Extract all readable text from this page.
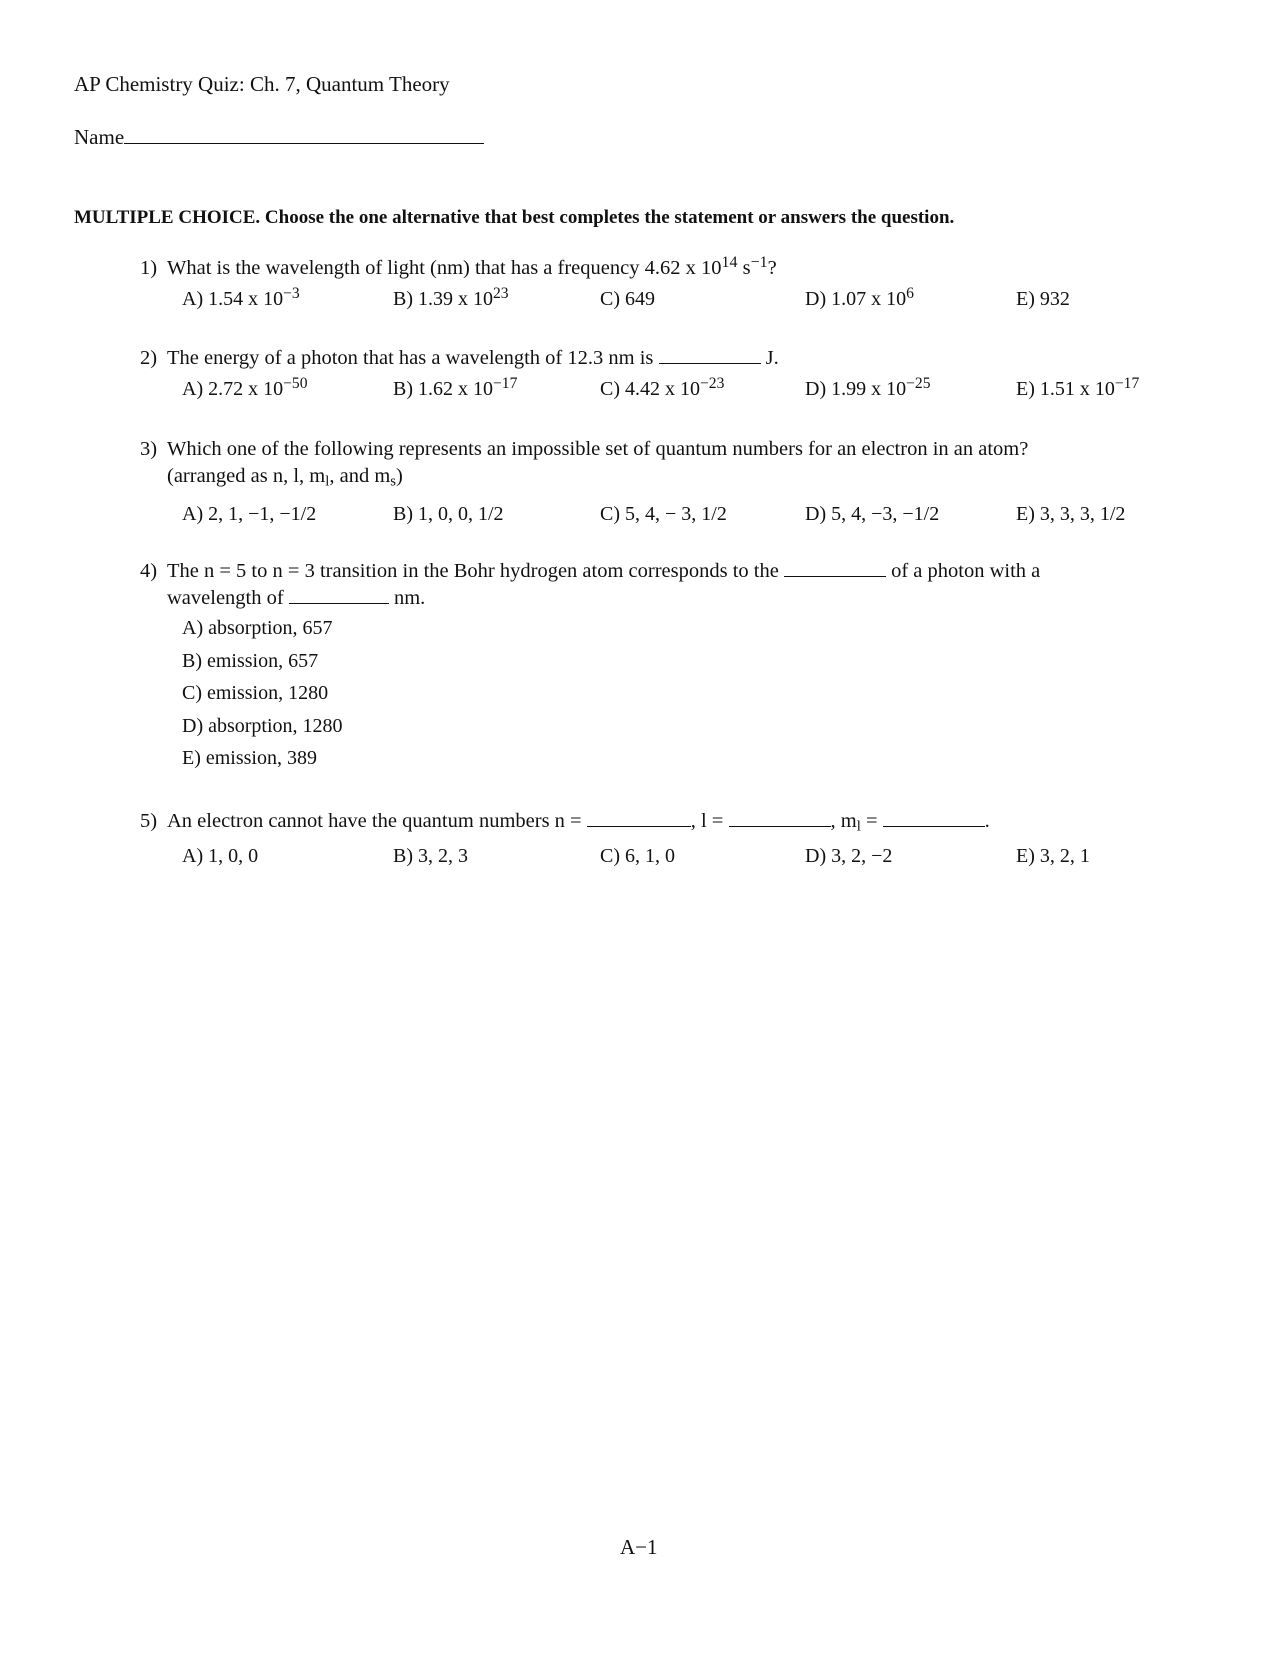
AP Chemistry Quiz: Ch. 7, Quantum Theory
Name
MULTIPLE CHOICE. Choose the one alternative that best completes the statement or answers the question.
1) What is the wavelength of light (nm) that has a frequency 4.62 x $10^{14}$ $s^{-1}$?
A) 1.54 x $10^{-3}$	B) 1.39 x $10^{23}$	C) 649	D) 1.07 x $10^6$	E) 932
2) The energy of a photon that has a wavelength of 12.3 nm is	J.
A) 2.72 x $10^{-50}$	B) 1.62 x $10^{-17}$	C) 4.42 x $10^{-23}$	D) 1.99 x $10^{-25}$	E) 1.51 x $10^{-17}$
3) Which one of the following represents an impossible set of quantum numbers for an electron in an atom?
(arranged as n, l, $m_l$, and $m_s$)
A) 2, 1, −1, −1/2	B) 1, 0, 0, 1/2	C) 5, 4, − 3, 1/2	D) 5, 4, −3, −1/2	E) 3, 3, 3, 1/2
4) The n = 5 to n = 3 transition in the Bohr hydrogen atom corresponds to the	of a photon with a
wavelength of	nm.
A) absorption, 657
B) emission, 657
C) emission, 1280
D) absorption, 1280
E) emission, 389
5) An electron cannot have the quantum numbers n =	, l =	, $m_l$ =	.
A) 1, 0, 0	B) 3, 2, 3	C) 6, 1, 0	D) 3, 2, −2	E) 3, 2, 1
A−1
